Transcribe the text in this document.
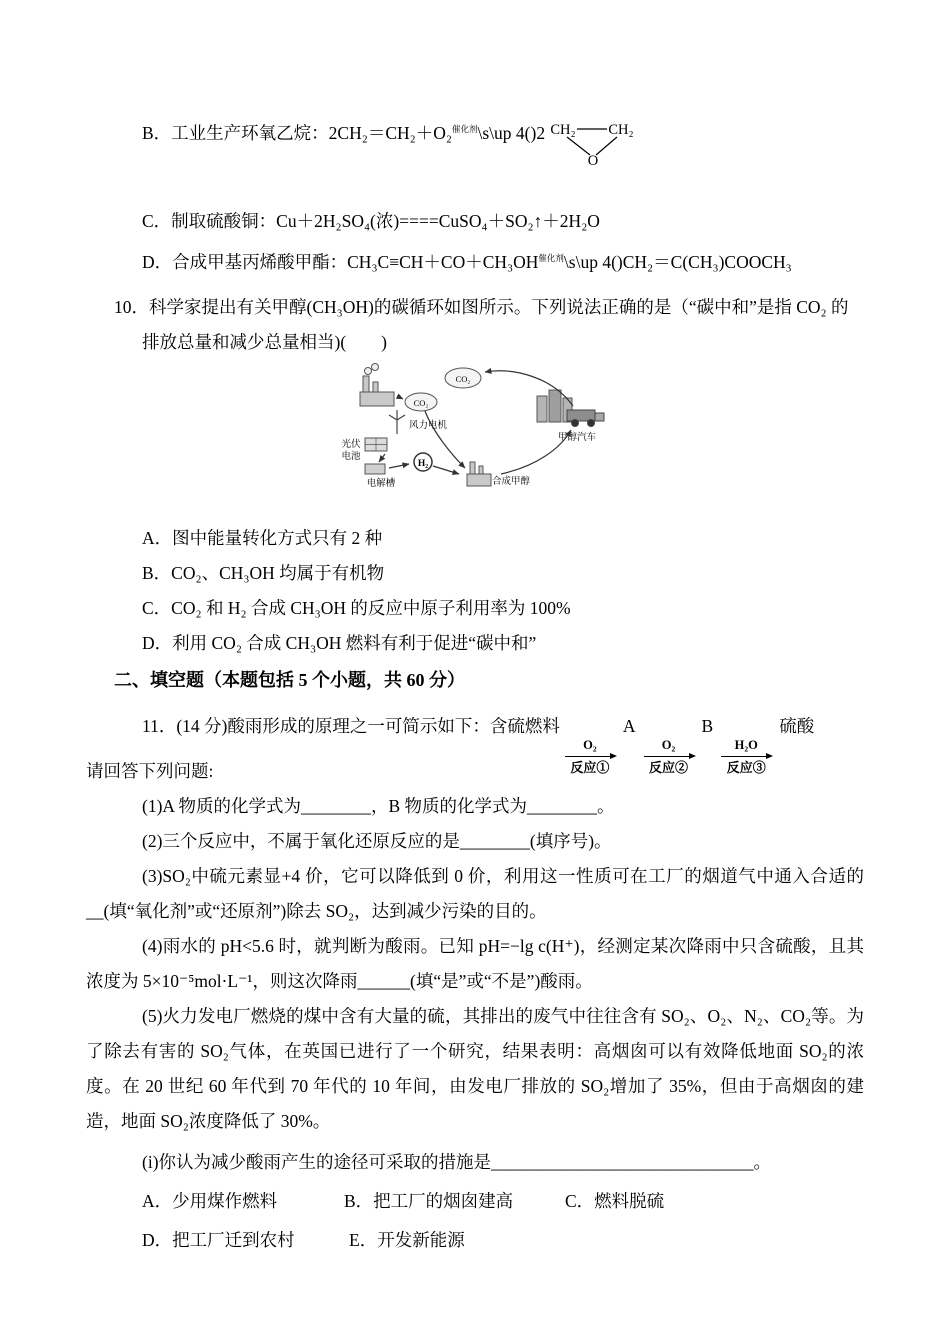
B．工业生产环氧乙烷：2CH₂＝CH₂＋O₂$^{催化剂}$\s\up 4()2 CH₂ CH₂
O
C．制取硫酸铜：Cu＋2H₂SO₄(浓)====CuSO₄＋SO₂↑＋2H₂O
D．合成甲基丙烯酸甲酯：$CH_3C\equiv CH+CO+CH_3OH^{催化剂}\backslash s\backslash up$ 4()CH₂＝C(CH₃)COOCH₃
10．科学家提出有关甲醇(CH₃OH)的碳循环如图所示。下列说法正确的是（“碳中和”是指 CO₂ 的
排放总量和减少总量相当)(　　)
CO₂
CO₂
风力电机
光伏
电池
电解槽
H₂
合成甲醇
甲醇汽车
A．图中能量转化方式只有 2 种
B．CO₂、CH₃OH 均属于有机物
C．CO₂ 和 H₂ 合成 CH₃OH 的反应中原子利用率为 100%
D．利用 CO₂ 合成 CH₃OH 燃料有利于促进“碳中和”
二、填空题（本题包括 5 个小题，共 60 分）
11．(14 分)酸雨形成的原理之一可简示如下：含硫燃料
O₂
反应①
A
O₂
反应②
B
H₂O
反应③
硫酸
请回答下列问题:
(1)A 物质的化学式为________，B 物质的化学式为________。
(2)三个反应中，不属于氧化还原反应的是________(填序号)。
(3)SO₂中硫元素显+4 价，它可以降低到 0 价，利用这一性质可在工厂的烟道气中通入合适的__(填“氧化剂”或“还原剂”)除去 SO₂，达到减少污染的目的。
(4)雨水的 pH<5.6 时，就判断为酸雨。已知 pH=−lg c(H⁺)，经测定某次降雨中只含硫酸，且其浓度为 5×10⁻⁵mol·L⁻¹，则这次降雨______(填“是”或“不是”)酸雨。
(5)火力发电厂燃烧的煤中含有大量的硫，其排出的废气中往往含有 SO₂、O₂、N₂、CO₂等。为了除去有害的 SO₂气体，在英国已进行了一个研究，结果表明：高烟囱可以有效降低地面 SO₂的浓度。在 20 世纪 60 年代到 70 年代的 10 年间，由发电厂排放的 SO₂增加了 35%，但由于高烟囱的建造，地面 SO₂浓度降低了 30%。
(i)你认为减少酸雨产生的途径可采取的措施是______________________________。
A．少用煤作燃料	B．把工厂的烟囱建高	C．燃料脱硫
D．把工厂迁到农村	E．开发新能源
